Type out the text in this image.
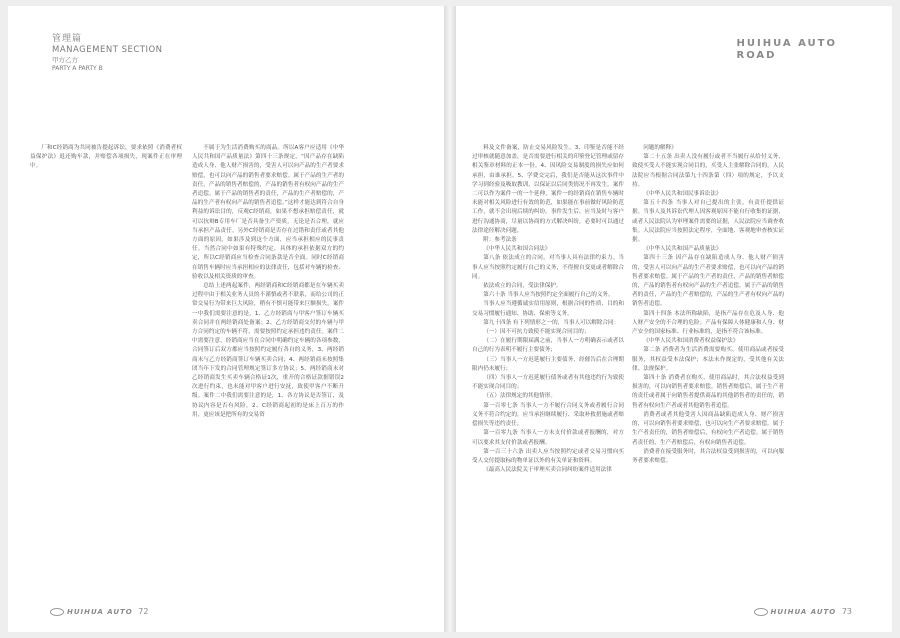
管理篇
MANAGEMENT SECTION
甲方乙方
PARTY A PARTY B

厂和C经销商为共同被告提起诉讼，要求依照《消费者权益保护法》退还购车款，并赔偿各项损失，现案件正在审理中。

不属于为生活消费购买的商品。所以A客户应适用《中华人民共和国产品质量法》第四十三条规定，“因产品存在缺陷造成人身、他人财产损害的，受害人可以向产品的生产者要求赔偿，也可以向产品的销售者要求赔偿。属于产品的生产者的责任，产品的销售者赔偿的，产品的销售者有权向产品的生产者追偿。属于产品的销售者的责任，产品的生产者赔偿的，产品的生产者有权向产品的销售者追偿。”这样才能达到符合自身利益的诉讼目的，反观C经销商，如果不想承担赔偿责任，就可以抗辩B专用车厂是否具备生产资质，无论是否合理，就应当承担产品责任。另外C经销商是否存在过错和责任或者其他方面的原因，如果涉及到这个方面，应当承担相应的民事责任。当然合同中如果有特殊约定，具体的承担依据双方的约定，所以C经销商应当检查合同条款是否全面。同时C经销商在销售车辆时应当承担相应的法律责任，包括对车辆的检查、验收以及相关资质的审查。

总结上述两起案件，两经销商和C经销商都是在车辆买卖过程中由于相关业务人员的不谨慎或者不联系，而给公司的正常交易行为带来巨大风险，稍有不慎可能带来巨额损失。案件一中我们需要注意的是，1、乙方经销商与甲客户签订车辆买卖合同并在两经销商处备案；2、乙方经销商交付的车辆与甲方合同约定的车辆不符，需要按照约定承担违约责任。案件二中需要注意，经销商应当在合同中明确约定车辆的各项参数，合同签订后双方都应当按照约定履行各自的义务，3、两经销商未与乙方经销商签订车辆买卖合同；4、两经销商未按照集团当年下发的合同管理规定签订多方协议；5、两经销商未对乙经销商发生买卖车辆合格证1次，重开的合格证款据错误2次进行约束，也未能对甲客户进行安抚，致使甲客户不断升级。案件二中我们需要注意的是，1、各方协议是否签订，及协议内容是否有风险，2、C经销商起初的是床上百万的作用，更应该是把所有的交易资

HUIHUA AUTO 72
HUIHUA AUTO
ROAD

料及文件备案，防止交易风险发生。3、印鉴是否能不经过审核就随意加盖，是否需要进行相关的印鉴登记管理或留存相关鉴章材料的正本一份。4、因风险交易制度的损失应如何承担，由谁承担。5、学费交完后，我们是否能从这次事件中学习到经验及吸取教训，以保证以后同类情况不再发生。案件二可以作为案件一的一个延伸，案件一的经销商在销售车辆时未能对相关风险进行有效的防范，如果能在事前做好风险防范工作，就不会出现后续的纠纷。事件发生后，应当及时与客户进行沟通协商，尽量以协商的方式解决纠纷，必要时可以通过法律途径解决问题。

附：参考法条

《中华人民共和国合同法》

第八条 依法成立的合同，对当事人具有法律约束力。当事人应当按照约定履行自己的义务，不得擅自变更或者解除合同。

依法成立的合同，受法律保护。

第六十条 当事人应当按照约定全面履行自己的义务。

当事人应当遵循诚实信用原则，根据合同的性质、目的和交易习惯履行通知、协助、保密等义务。

第九十四条 有下列情形之一的，当事人可以解除合同：

（一）因不可抗力致使不能实现合同目的；

（二）在履行期限届满之前，当事人一方明确表示或者以自己的行为表明不履行主要债务；

（三）当事人一方迟延履行主要债务，经催告后在合理期限内仍未履行；

（四）当事人一方迟延履行债务或者有其他违约行为致使不能实现合同目的；

（五）法律规定的其他情形。

第一百零七条 当事人一方不履行合同义务或者履行合同义务不符合约定的，应当承担继续履行、采取补救措施或者赔偿损失等违约责任。

第一百零九条 当事人一方未支付价款或者报酬的，对方可以要求其支付价款或者报酬。

第一百三十六条 出卖人应当按照约定或者交易习惯向买受人交付提取标的物单证以外的有关单证和资料。

《最高人民法院关于审理买卖合同纠纷案件适用法律

问题的解释》

第二十五条 出卖人没有履行或者不当履行从给付义务，致使买受人不能实现合同目的，买受人主张解除合同的，人民法院应当根据合同法第九十四条第（四）项的规定，予以支持。

《中华人民共和国民事诉讼法》

第五十四条 当事人对自己提出的主张，有责任提供证据。当事人及其诉讼代理人因客观原因不能自行收集的证据，或者人民法院认为审理案件需要的证据，人民法院应当调查收集。人民法院应当按照法定程序，全面地、客观地审查核实证据。

《中华人民共和国产品质量法》

第四十三条 因产品存在缺陷造成人身、他人财产损害的，受害人可以向产品的生产者要求赔偿，也可以向产品的销售者要求赔偿。属于产品的生产者的责任，产品的销售者赔偿的，产品的销售者有权向产品的生产者追偿。属于产品的销售者的责任，产品的生产者赔偿的，产品的生产者有权向产品的销售者追偿。

第四十四条 本法所称缺陷，是指产品存在危及人身、他人财产安全的不合理的危险；产品有保障人体健康和人身、财产安全的国家标准、行业标准的，是指不符合该标准。

《中华人民共和国消费者权益保护法》

第二条 消费者为生活消费需要购买、使用商品或者接受服务，其权益受本法保护；本法未作规定的，受其他有关法律、法规保护。

第四十条 消费者在购买、使用商品时，其合法权益受到损害的，可以向销售者要求赔偿。销售者赔偿后，属于生产者的责任或者属于向销售者提供商品的其他销售者的责任的，销售者有权向生产者或者其他销售者追偿。

消费者或者其他受害人因商品缺陷造成人身、财产损害的，可以向销售者要求赔偿，也可以向生产者要求赔偿。属于生产者责任的，销售者赔偿后，有权向生产者追偿。属于销售者责任的，生产者赔偿后，有权向销售者追偿。

消费者在接受服务时，其合法权益受到损害的，可以向服务者要求赔偿。

HUIHUA AUTO 73
